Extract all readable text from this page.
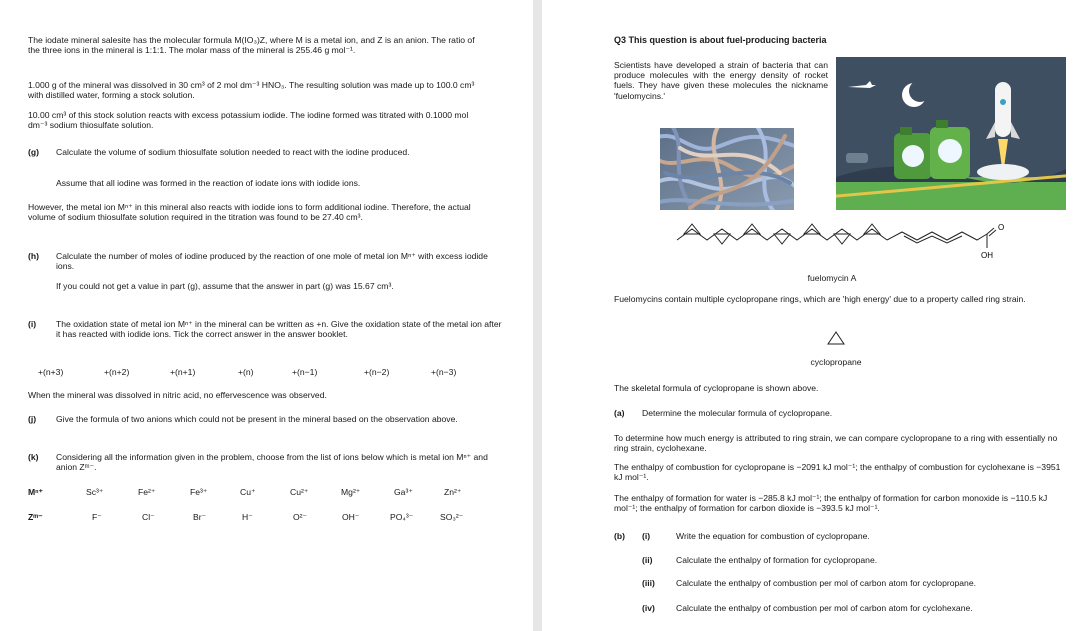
The iodate mineral salesite has the molecular formula M(IO₃)Z, where M is a metal ion, and Z is an anion. The ratio of the three ions in the mineral is 1:1:1. The molar mass of the mineral is 255.46 g mol⁻¹.
1.000 g of the mineral was dissolved in 30 cm³ of 2 mol dm⁻³ HNO₃. The resulting solution was made up to 100.0 cm³ with distilled water, forming a stock solution.
10.00 cm³ of this stock solution reacts with excess potassium iodide. The iodine formed was titrated with 0.1000 mol dm⁻³ sodium thiosulfate solution.
(g) Calculate the volume of sodium thiosulfate solution needed to react with the iodine produced.
Assume that all iodine was formed in the reaction of iodate ions with iodide ions.
However, the metal ion Mⁿ⁺ in this mineral also reacts with iodide ions to form additional iodine. Therefore, the actual volume of sodium thiosulfate solution required in the titration was found to be 27.40 cm³.
(h) Calculate the number of moles of iodine produced by the reaction of one mole of metal ion Mⁿ⁺ with excess iodide ions.
If you could not get a value in part (g), assume that the answer in part (g) was 15.67 cm³.
(i) The oxidation state of metal ion Mⁿ⁺ in the mineral can be written as +n. Give the oxidation state of the metal ion after it has reacted with iodide ions. Tick the correct answer in the answer booklet.
+(n+3)	+(n+2)	+(n+1)	+(n)	+(n−1)	+(n−2)	+(n−3)
When the mineral was dissolved in nitric acid, no effervescence was observed.
(j) Give the formula of two anions which could not be present in the mineral based on the observation above.
(k) Considering all the information given in the problem, choose from the list of ions below which is metal ion Mⁿ⁺ and anion Zᵐ⁻.
Mⁿ⁺	Sc³⁺	Fe²⁺	Fe³⁺	Cu⁺	Cu²⁺	Mg²⁺	Ga³⁺	Zn²⁺
Zᵐ⁻	F⁻	Cl⁻	Br⁻	H⁻	O²⁻	OH⁻	PO₄³⁻	SO₃²⁻
Q3 This question is about fuel-producing bacteria
Scientists have developed a strain of bacteria that can produce molecules with the energy density of rocket fuels. They have given these molecules the nickname 'fuelomycins.'
O
OH
fuelomycin A
Fuelomycins contain multiple cyclopropane rings, which are 'high energy' due to a property called ring strain.
cyclopropane
The skeletal formula of cyclopropane is shown above.
(a) Determine the molecular formula of cyclopropane.
To determine how much energy is attributed to ring strain, we can compare cyclopropane to a ring with essentially no ring strain, cyclohexane.
The enthalpy of combustion for cyclopropane is −2091 kJ mol⁻¹; the enthalpy of combustion for cyclohexane is −3951 kJ mol⁻¹.
The enthalpy of formation for water is −285.8 kJ mol⁻¹; the enthalpy of formation for carbon monoxide is −110.5 kJ mol⁻¹; the enthalpy of formation for carbon dioxide is −393.5 kJ mol⁻¹.
(b) (i)	Write the equation for combustion of cyclopropane.
(ii)	Calculate the enthalpy of formation for cyclopropane.
(iii) Calculate the enthalpy of combustion per mol of carbon atom for cyclopropane.
(iv) Calculate the enthalpy of combustion per mol of carbon atom for cyclohexane.
